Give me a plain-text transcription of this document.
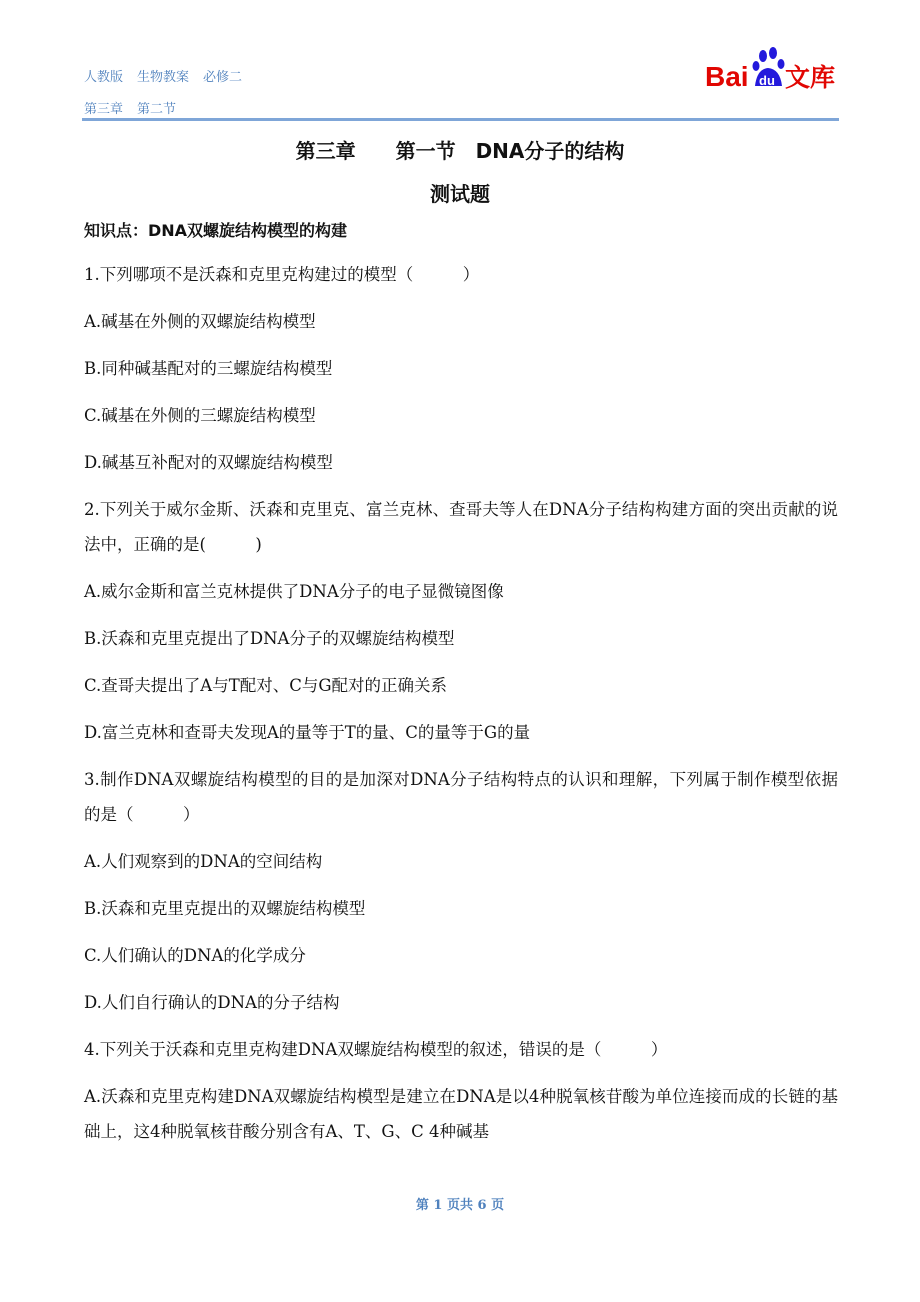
人教版 生物教案 必修二
第三章 第二节
Bai du 文库
第三章　　第一节　DNA分子的结构
测试题
知识点：DNA双螺旋结构模型的构建
1.下列哪项不是沃森和克里克构建过的模型（　　　）
A.碱基在外侧的双螺旋结构模型
B.同种碱基配对的三螺旋结构模型
C.碱基在外侧的三螺旋结构模型
D.碱基互补配对的双螺旋结构模型
2.下列关于威尔金斯、沃森和克里克、富兰克林、查哥夫等人在DNA分子结构构建方面的突出贡献的说法中，正确的是(　　　)
A.威尔金斯和富兰克林提供了DNA分子的电子显微镜图像
B.沃森和克里克提出了DNA分子的双螺旋结构模型
C.查哥夫提出了A与T配对、C与G配对的正确关系
D.富兰克林和查哥夫发现A的量等于T的量、C的量等于G的量
3.制作DNA双螺旋结构模型的目的是加深对DNA分子结构特点的认识和理解，下列属于制作模型依据的是（　　　）
A.人们观察到的DNA的空间结构
B.沃森和克里克提出的双螺旋结构模型
C.人们确认的DNA的化学成分
D.人们自行确认的DNA的分子结构
4.下列关于沃森和克里克构建DNA双螺旋结构模型的叙述，错误的是（　　　）
A.沃森和克里克构建DNA双螺旋结构模型是建立在DNA是以4种脱氧核苷酸为单位连接而成的长链的基础上，这4种脱氧核苷酸分别含有A、T、G、C 4种碱基
第 1 页共 6 页
